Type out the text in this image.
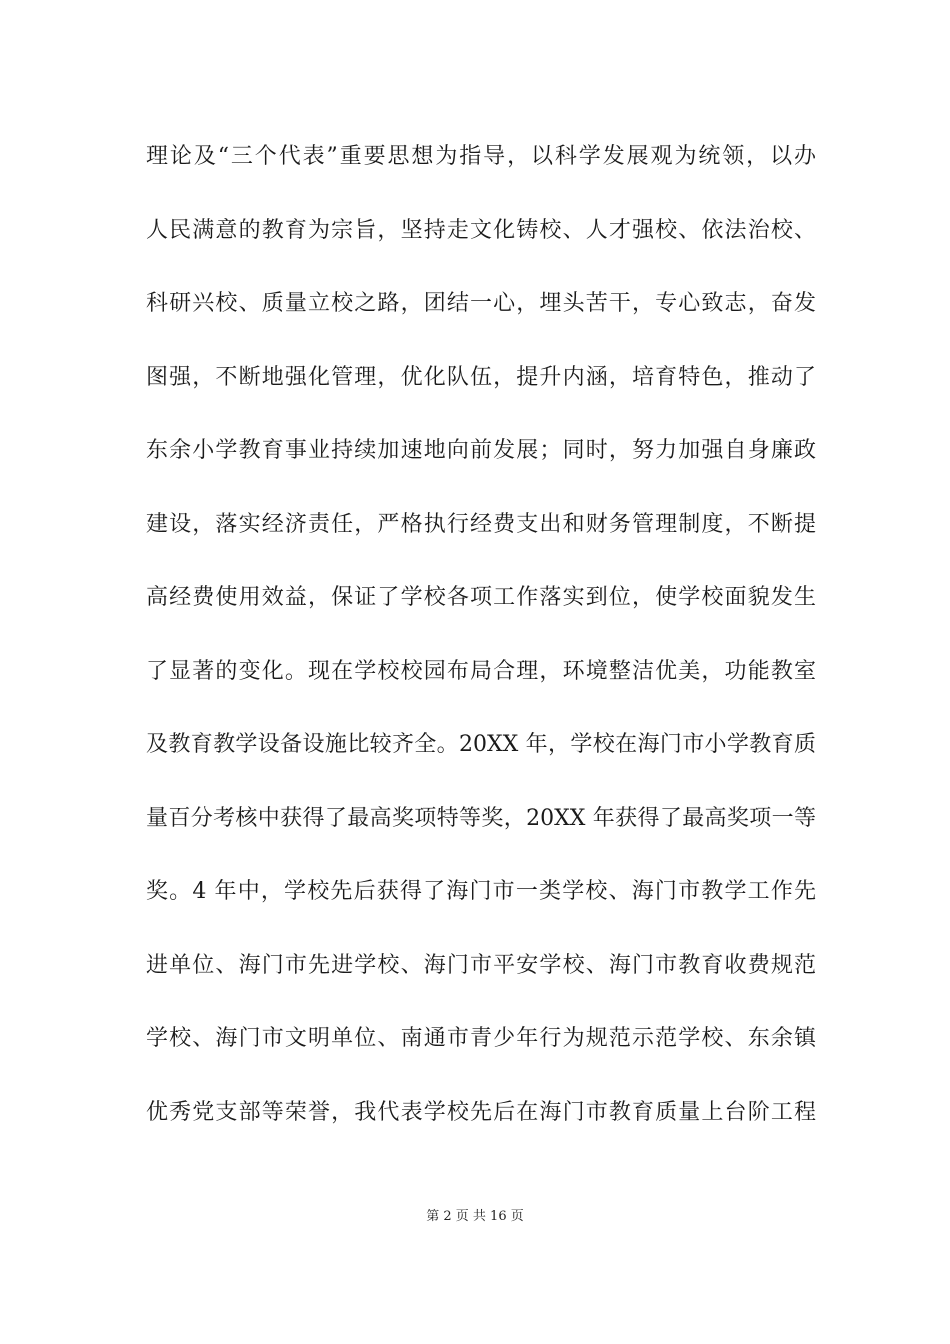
理论及“三个代表”重要思想为指导，以科学发展观为统领，以办
人民满意的教育为宗旨，坚持走文化铸校、人才强校、依法治校、
科研兴校、质量立校之路，团结一心，埋头苦干，专心致志，奋发
图强，不断地强化管理，优化队伍，提升内涵，培育特色，推动了
东余小学教育事业持续加速地向前发展；同时，努力加强自身廉政
建设，落实经济责任，严格执行经费支出和财务管理制度，不断提
高经费使用效益，保证了学校各项工作落实到位，使学校面貌发生
了显著的变化。现在学校校园布局合理，环境整洁优美，功能教室
及教育教学设备设施比较齐全。20XX 年，学校在海门市小学教育质
量百分考核中获得了最高奖项特等奖，20XX 年获得了最高奖项一等
奖。4 年中，学校先后获得了海门市一类学校、海门市教学工作先
进单位、海门市先进学校、海门市平安学校、海门市教育收费规范
学校、海门市文明单位、南通市青少年行为规范示范学校、东余镇
优秀党支部等荣誉，我代表学校先后在海门市教育质量上台阶工程
第 2 页 共 16 页
